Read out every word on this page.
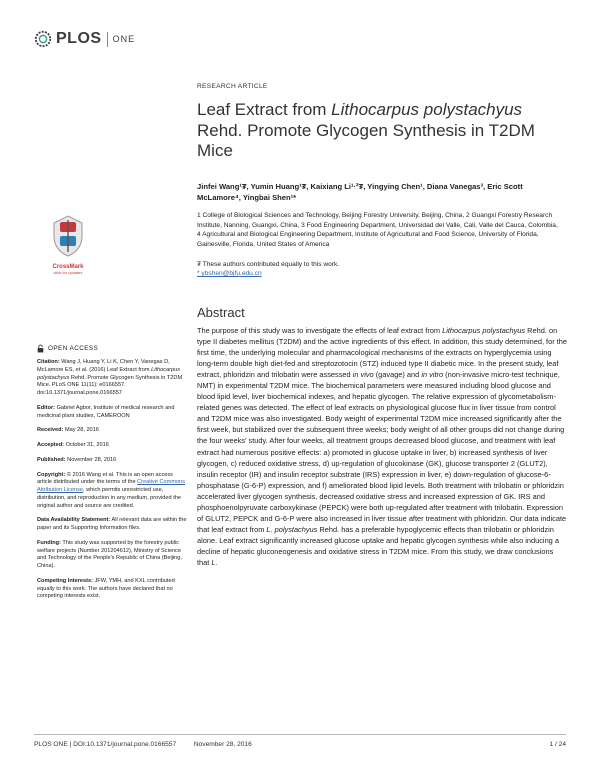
PLOS ONE
RESEARCH ARTICLE
Leaf Extract from Lithocarpus polystachyus Rehd. Promote Glycogen Synthesis in T2DM Mice
Jinfei Wang¹₮, Yumin Huang¹₮, Kaixiang Li¹·²₮, Yingying Chen¹, Diana Vanegas³, Eric Scott McLamore⁴, Yingbai Shen¹*
1 College of Biological Sciences and Technology, Beijing Forestry University, Beijing, China, 2 Guangxi Forestry Research Institute, Nanning, Guangxi, China, 3 Food Engineering Department, Universidad del Valle, Cali, Valle del Cauca, Colombia, 4 Agricultural and Biological Engineering Department, Institute of Agricultural and Food Science, University of Florida, Gainesville, Florida, United States of America
₮ These authors contributed equally to this work.
* ybshen@bjfu.edu.cn
CrossMark
click for updates
OPEN ACCESS

Citation: Wang J, Huang Y, Li K, Chen Y, Vanegas D, McLamore ES, et al. (2016) Leaf Extract from Lithocarpus polystachyus Rehd. Promote Glycogen Synthesis in T2DM Mice. PLoS ONE 11(11): e0166557. doi:10.1371/journal.pone.0166557

Editor: Gabriel Agbor, Institute of medical research and medicinal plant studies, CAMEROON

Received: May 28, 2016

Accepted: October 31, 2016

Published: November 28, 2016

Copyright: © 2016 Wang et al. This is an open access article distributed under the terms of the Creative Commons Attribution License, which permits unrestricted use, distribution, and reproduction in any medium, provided the original author and source are credited.

Data Availability Statement: All relevant data are within the paper and its Supporting Information files.

Funding: This study was supported by the forestry public welfare projects (Number 201204612), Ministry of Science and Technology of the People's Republic of China (Beijing, China).

Competing Interests: JFW, YMH, and KXL contributed equally to this work. The authors have declared that no competing interests exist.

Abstract
The purpose of this study was to investigate the effects of leaf extract from Lithocarpus polystachyus Rehd. on type II diabetes mellitus (T2DM) and the active ingredients of this effect. In addition, this study determined, for the first time, the underlying molecular and pharmacological mechanisms of the extracts on hyperglycemia using long-term double high diet-fed and streptozotocin (STZ) induced type II diabetic mice. In the present study, leaf extract, phloridzin and trilobatin were assessed in vivo (gavage) and in vitro (non-invasive micro-test technique, NMT) in experimental T2DM mice. The biochemical parameters were measured including blood glucose and blood lipid level, liver biochemical indexes, and hepatic glycogen. The relative expression of glycometabolism-related genes was detected. The effect of leaf extracts on physiological glucose flux in liver tissue from control and T2DM mice was also investigated. Body weight of experimental T2DM mice increased significantly after the first week, but stabilized over the subsequent three weeks; body weight of all other groups did not change during the four weeks' study. After four weeks, all treatment groups decreased blood glucose, and treatment with leaf extract had numerous positive effects: a) promoted in glucose uptake in liver, b) increased synthesis of liver glycogen, c) reduced oxidative stress, d) up-regulation of glucokinase (GK), glucose transporter 2 (GLUT2), insulin receptor (IR) and insulin receptor substrate (IRS) expression in liver, e) down-regulation of glucose-6-phosphatase (G-6-P) expression, and f) ameliorated blood lipid levels. Both treatment with trilobatin or phloridzin accelerated liver glycogen synthesis, decreased oxidative stress and increased expression of GK. IRS and phosphoenolpyruvate carboxykinase (PEPCK) were both up-regulated after treatment with trilobatin. Expression of GLUT2, PEPCK and G-6-P were also increased in liver tissue after treatment with phloridzin. Our data indicate that leaf extract from L. polystachyus Rehd. has a preferable hypoglycemic effects than trilobatin or phloridzin alone. Leaf extract significantly increased glucose uptake and hepatic glycogen synthesis while also inducing a decline of hepatic gluconeogenesis and oxidative stress in T2DM mice. From this study, we draw conclusions that L.
PLOS ONE | DOI:10.1371/journal.pone.0166557	November 28, 2016	1 / 24
